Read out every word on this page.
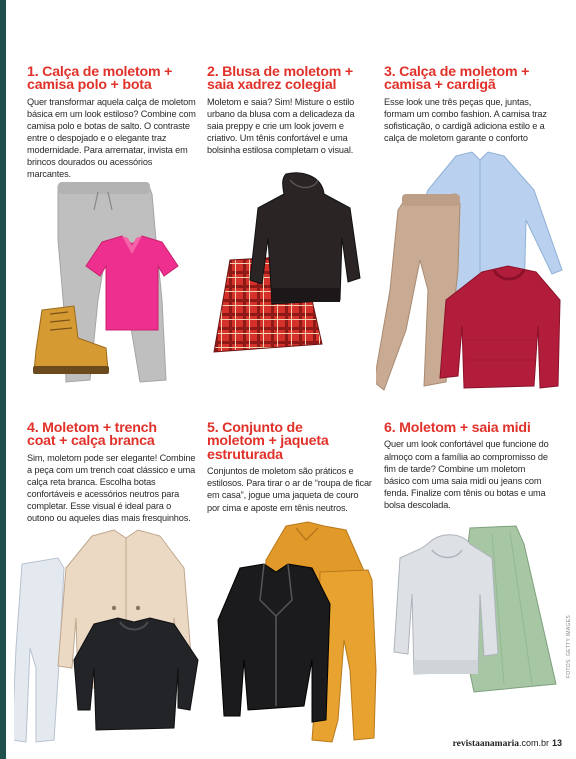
1. Calça de moletom +
camisa polo + bota

Quer transformar aquela calça de moletom básica em um look estiloso? Combine com camisa polo e botas de salto. O contraste entre o despojado e o elegante traz modernidade. Para arrematar, invista em brincos dourados ou acessórios marcantes.

2. Blusa de moletom +
saia xadrez colegial

Moletom e saia? Sim! Misture o estilo urbano da blusa com a delicadeza da saia preppy e crie um look jovem e criativo. Um tênis confortável e uma bolsinha estilosa completam o visual.

3. Calça de moletom +
camisa + cardigã

Esse look une três peças que, juntas, formam um combo fashion. A camisa traz sofisticação, o cardigã adiciona estilo e a calça de moletom garante o conforto

4. Moletom + trench
coat + calça branca

Sim, moletom pode ser elegante! Combine a peça com um trench coat clássico e uma calça reta branca. Escolha botas confortáveis e acessórios neutros para completar. Esse visual é ideal para o outono ou aqueles dias mais fresquinhos.

5. Conjunto de
moletom + jaqueta
estruturada

Conjuntos de moletom são práticos e estilosos. Para tirar o ar de “roupa de ficar em casa”, jogue uma jaqueta de couro por cima e aposte em tênis neutros.

6. Moletom + saia midi

Quer um look confortável que funcione do almoço com a família ao compromisso de fim de tarde? Combine um moletom básico com uma saia midi ou jeans com fenda. Finalize com tênis ou botas e uma bolsa descolada.

FOTOS: GETTY IMAGES
revistaanamaria.com.br 13
